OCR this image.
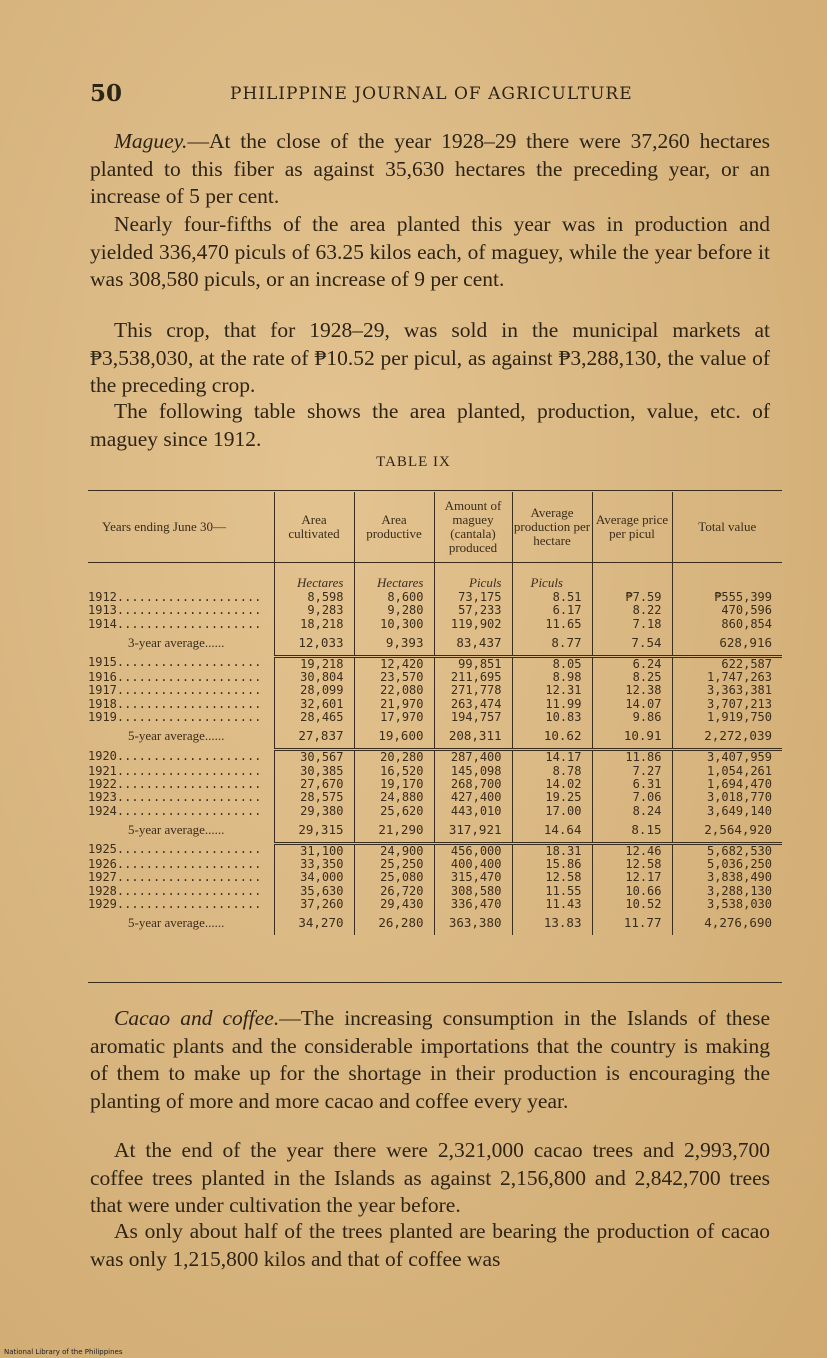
50	PHILIPPINE JOURNAL OF AGRICULTURE

Maguey.—At the close of the year 1928–29 there were 37,260 hectares planted to this fiber as against 35,630 hectares the preceding year, or an increase of 5 per cent.

Nearly four-fifths of the area planted this year was in production and yielded 336,470 piculs of 63.25 kilos each, of maguey, while the year before it was 308,580 piculs, or an increase of 9 per cent.

This crop, that for 1928–29, was sold in the municipal markets at ₱3,538,030, at the rate of ₱10.52 per picul, as against ₱3,288,130, the value of the preceding crop.

The following table shows the area planted, production, value, etc. of maguey since 1912.

TABLE IX
Years ending June 30—	Area cultivated	Area productive	Amount of maguey (cantala) produced	Average production per hectare	Average price per picul	Total value
	Hectares	Hectares	Piculs	Piculs		
1912....................	8,598	8,600	73,175	8.51	₱7.59	₱555,399
1913....................	9,283	9,280	57,233	6.17	8.22	470,596
1914....................	18,218	10,300	119,902	11.65	7.18	860,854
3-year average......	12,033	9,393	83,437	8.77	7.54	628,916
1915....................	19,218	12,420	99,851	8.05	6.24	622,587
1916....................	30,804	23,570	211,695	8.98	8.25	1,747,263
1917....................	28,099	22,080	271,778	12.31	12.38	3,363,381
1918....................	32,601	21,970	263,474	11.99	14.07	3,707,213
1919....................	28,465	17,970	194,757	10.83	9.86	1,919,750
5-year average......	27,837	19,600	208,311	10.62	10.91	2,272,039
1920....................	30,567	20,280	287,400	14.17	11.86	3,407,959
1921....................	30,385	16,520	145,098	8.78	7.27	1,054,261
1922....................	27,670	19,170	268,700	14.02	6.31	1,694,470
1923....................	28,575	24,880	427,400	19.25	7.06	3,018,770
1924....................	29,380	25,620	443,010	17.00	8.24	3,649,140
5-year average......	29,315	21,290	317,921	14.64	8.15	2,564,920
1925....................	31,100	24,900	456,000	18.31	12.46	5,682,530
1926....................	33,350	25,250	400,400	15.86	12.58	5,036,250
1927....................	34,000	25,080	315,470	12.58	12.17	3,838,490
1928....................	35,630	26,720	308,580	11.55	10.66	3,288,130
1929....................	37,260	29,430	336,470	11.43	10.52	3,538,030
5-year average......	34,270	26,280	363,380	13.83	11.77	4,276,690

Cacao and coffee.—The increasing consumption in the Islands of these aromatic plants and the considerable importations that the country is making of them to make up for the shortage in their production is encouraging the planting of more and more cacao and coffee every year.

At the end of the year there were 2,321,000 cacao trees and 2,993,700 coffee trees planted in the Islands as against 2,156,800 and 2,842,700 trees that were under cultivation the year before.

As only about half of the trees planted are bearing the production of cacao was only 1,215,800 kilos and that of coffee was

National Library of the Philippines
